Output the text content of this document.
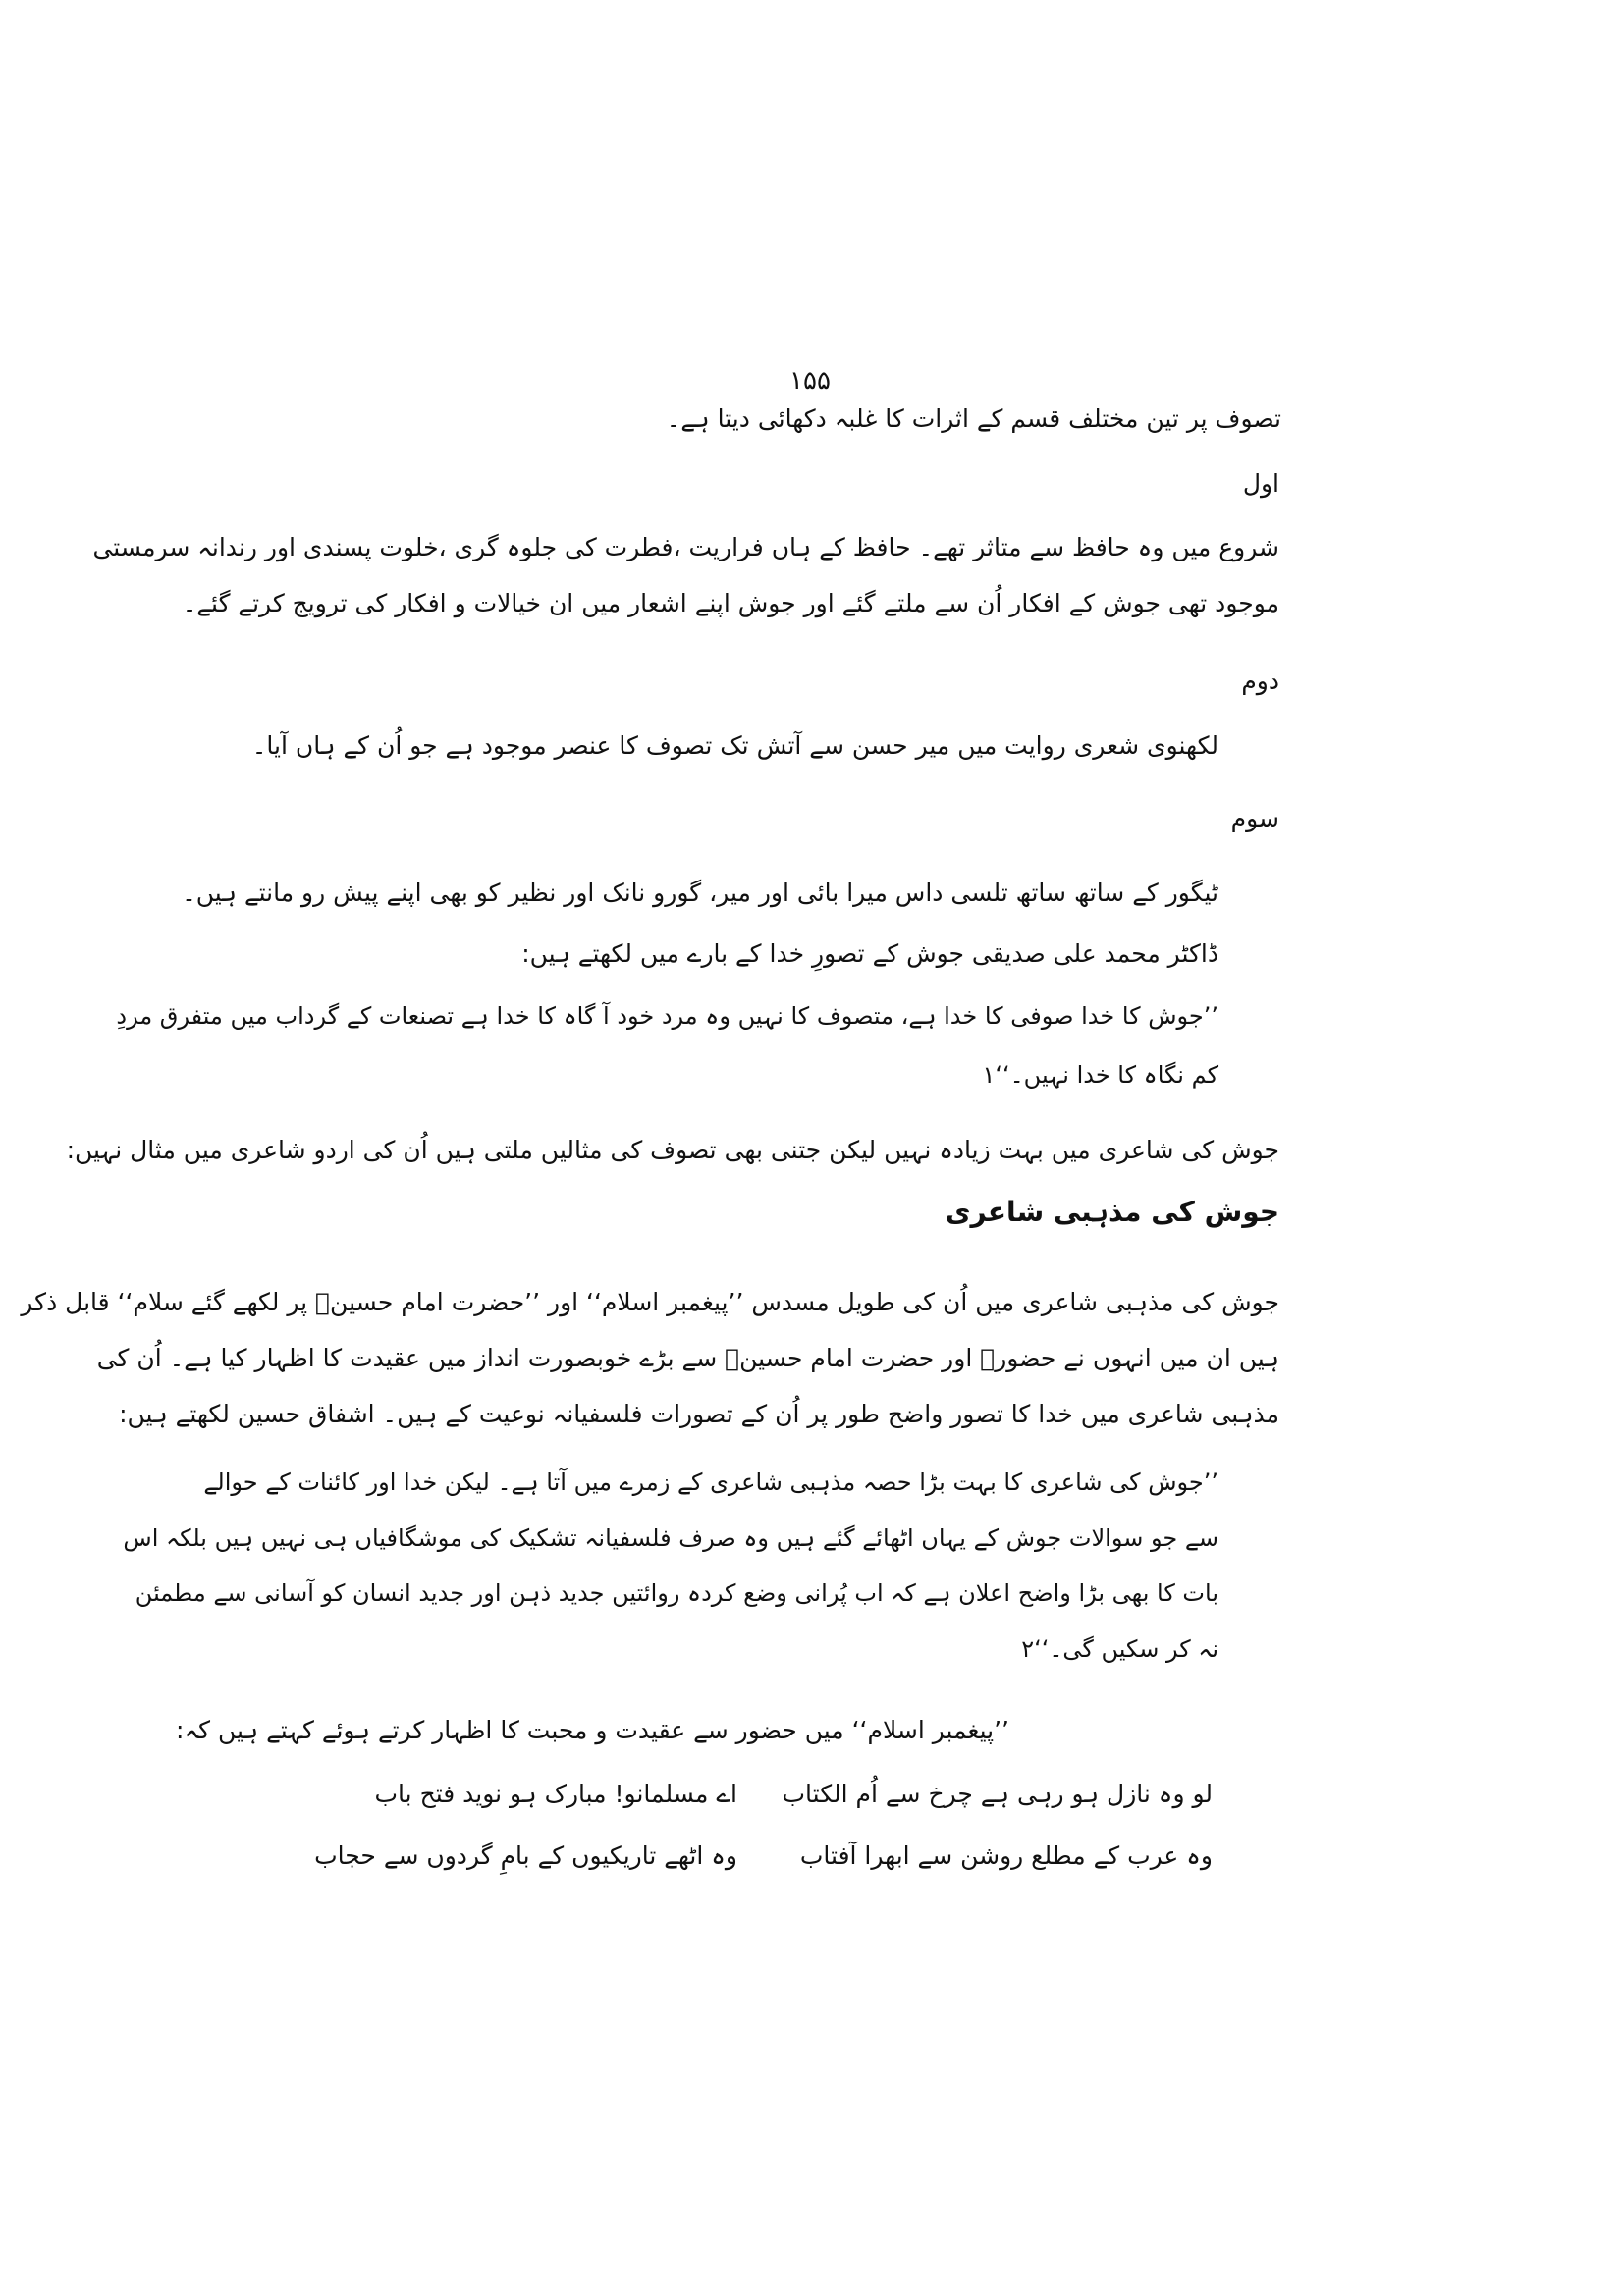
۱۵۵
تصوف پر تین مختلف قسم کے اثرات کا غلبہ دکھائی دیتا ہے۔
اول
شروع میں وہ حافظ سے متاثر تھے۔ حافظ کے ہاں فراریت ،فطرت کی جلوہ گری ،خلوت پسندی اور رندانہ سرمستی
موجود تھی جوش کے افکار اُن سے ملتے گئے اور جوش اپنے اشعار میں ان خیالات و افکار کی ترویج کرتے گئے۔
دوم
لکھنوی شعری روایت میں میر حسن سے آتش تک تصوف کا عنصر موجود ہے جو اُن کے ہاں آیا۔
سوم
ٹیگور کے ساتھ ساتھ تلسی داس میرا بائی اور میر، گورو نانک اور نظیر کو بھی اپنے پیش رو مانتے ہیں۔
ڈاکٹر محمد علی صدیقی جوش کے تصورِ خدا کے بارے میں لکھتے ہیں:
’’جوش کا خدا صوفی کا خدا ہے، متصوف کا نہیں وہ مرد خود آ گاہ کا خدا ہے تصنعات کے گرداب میں متفرق مردِ
کم نگاہ کا خدا نہیں۔‘‘۱
جوش کی شاعری میں بہت زیادہ نہیں لیکن جتنی بھی تصوف کی مثالیں ملتی ہیں اُن کی اردو شاعری میں مثال نہیں:
جوش کی مذہبی شاعری
جوش کی مذہبی شاعری میں اُن کی طویل مسدس ’’پیغمبر اسلام‘‘ اور ’’حضرت امام حسینؓ پر لکھے گئے سلام‘‘ قابل ذکر
ہیں ان میں انہوں نے حضورﷺ اور حضرت امام حسینؓ سے بڑے خوبصورت انداز میں عقیدت کا اظہار کیا ہے۔ اُن کی
مذہبی شاعری میں خدا کا تصور واضح طور پر اُن کے تصورات فلسفیانہ نوعیت کے ہیں۔ اشفاق حسین لکھتے ہیں:
’’جوش کی شاعری کا بہت بڑا حصہ مذہبی شاعری کے زمرے میں آتا ہے۔ لیکن خدا اور کائنات کے حوالے
سے جو سوالات جوش کے یہاں اٹھائے گئے ہیں وہ صرف فلسفیانہ تشکیک کی موشگافیاں ہی نہیں ہیں بلکہ اس
بات کا بھی بڑا واضح اعلان ہے کہ اب پُرانی وضع کردہ روائتیں جدید ذہن اور جدید انسان کو آسانی سے مطمئن
نہ کر سکیں گی۔‘‘۲
’’پیغمبر اسلام‘‘ میں حضور سے عقیدت و محبت کا اظہار کرتے ہوئے کہتے ہیں کہ:
اے مسلمانو! مبارک ہو نوید فتح باب لو وہ نازل ہو رہی ہے چرخ سے اُم الکتاب
وہ اٹھے تاریکیوں کے بامِ گردوں سے حجاب	وہ عرب کے مطلع روشن سے ابھرا آفتاب
